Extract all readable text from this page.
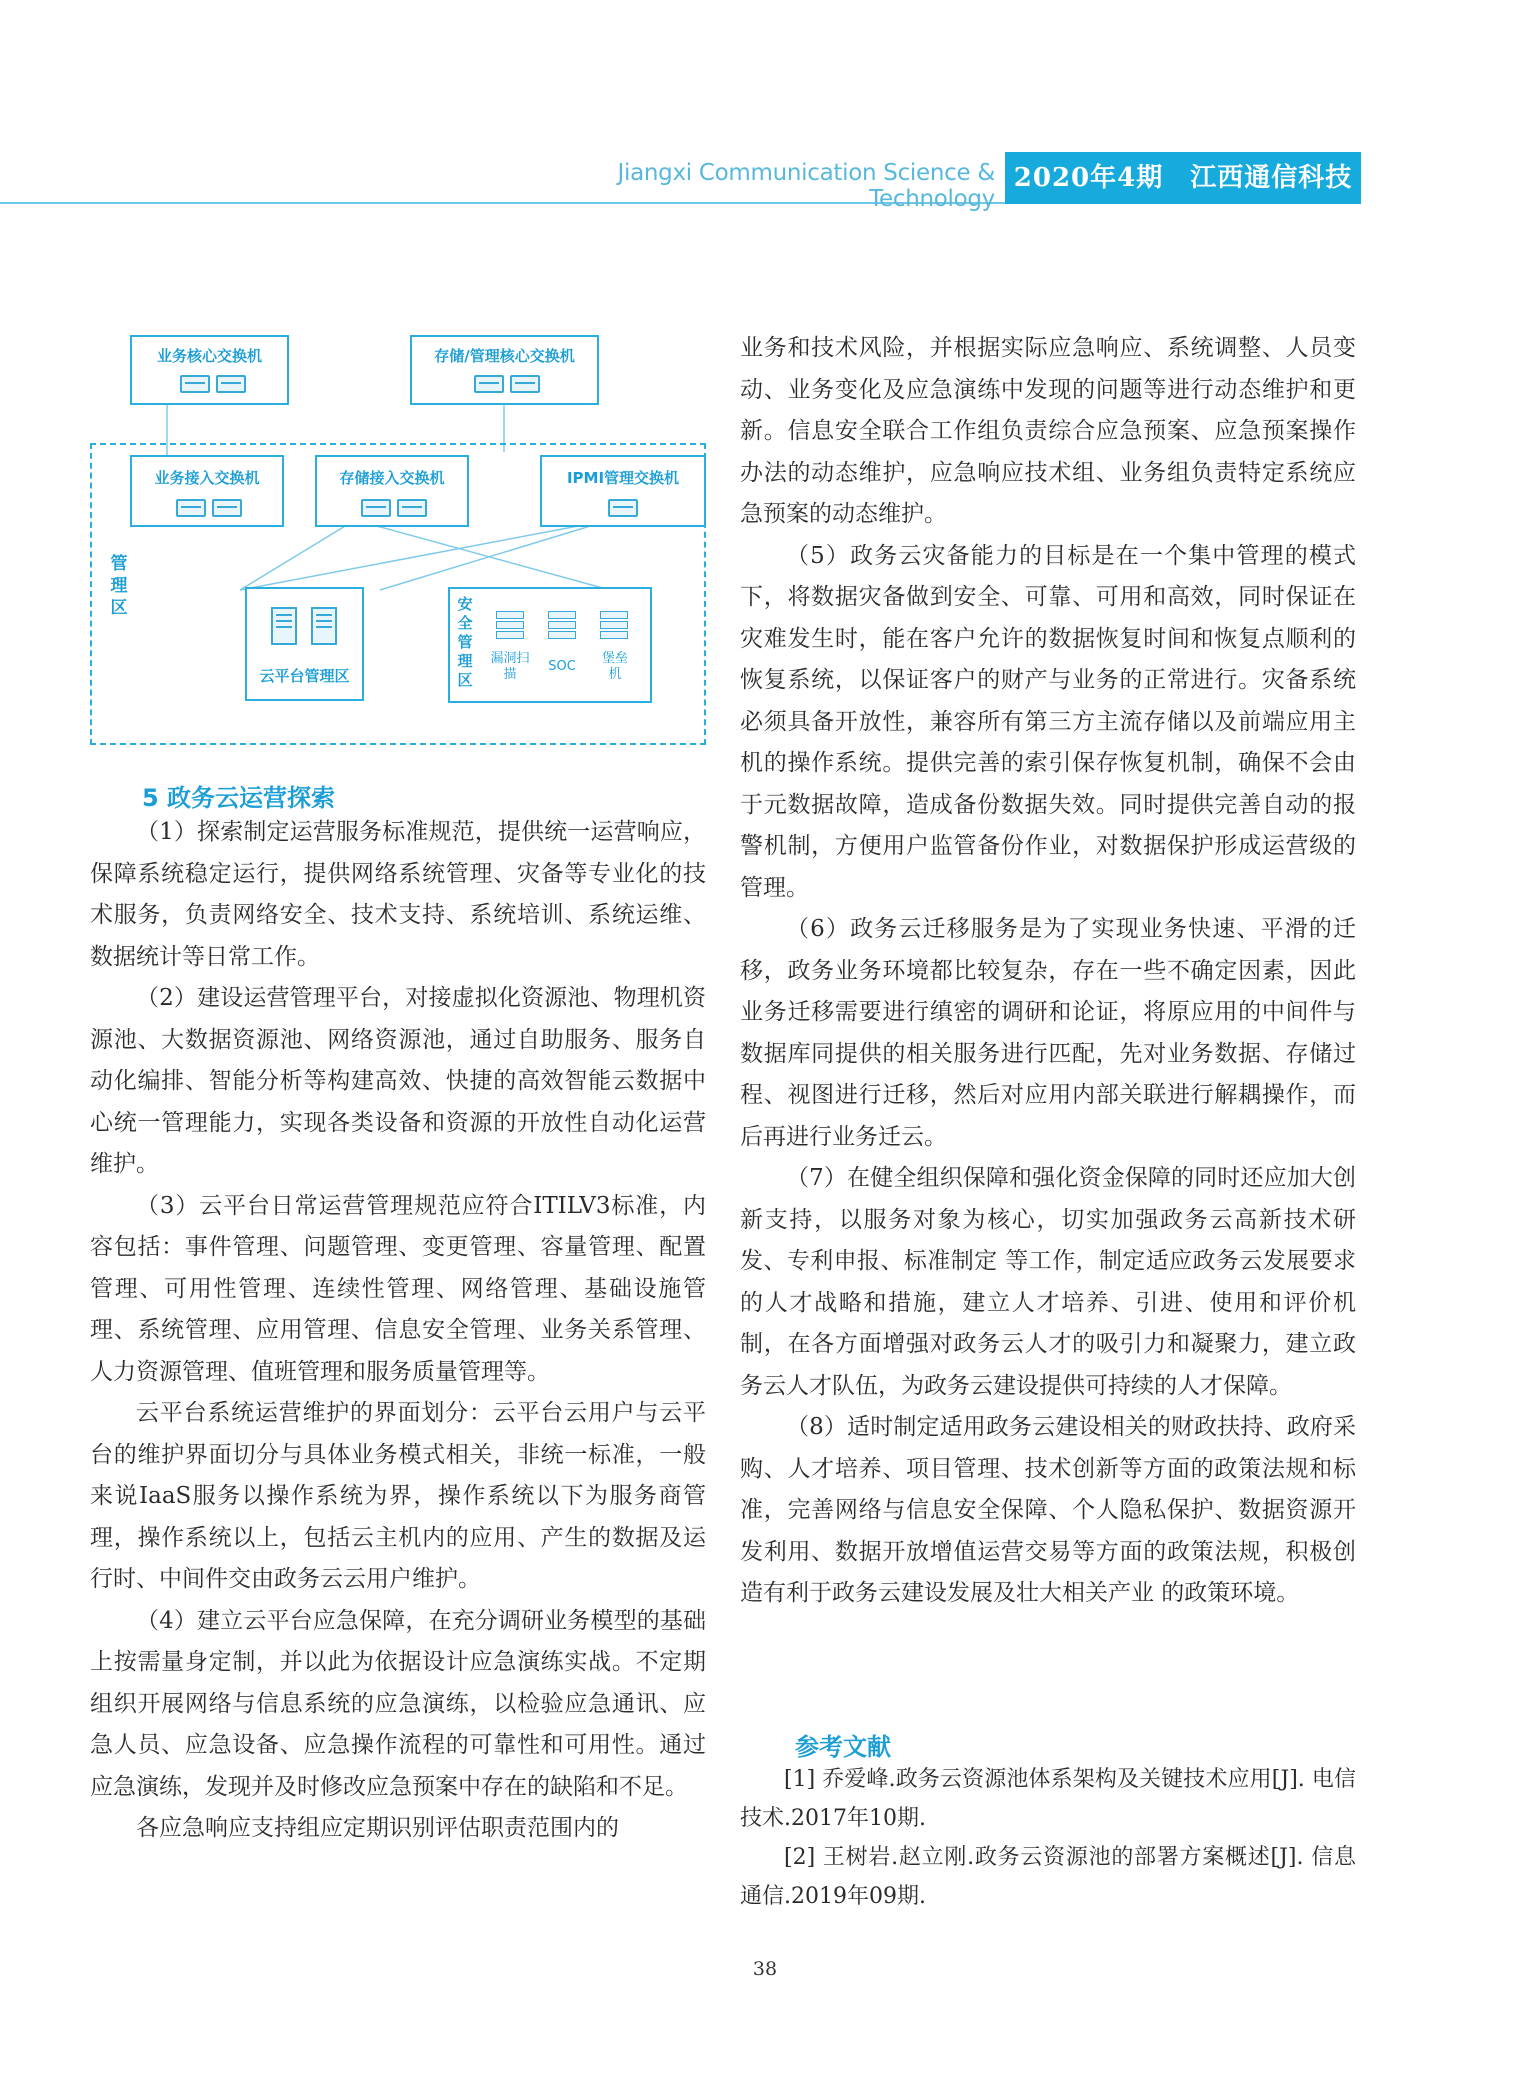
Jiangxi Communication Science & Technology
2020年4期　江西通信科技
业务核心交换机	存储/管理核心交换机
业务接入交换机	存储接入交换机	IPMI管理交换机
管理区
云平台管理区
安全管理区
漏洞扫描
SOC
堡垒机
5 政务云运营探索

（1）探索制定运营服务标准规范，提供统一运营响应，保障系统稳定运行，提供网络系统管理、灾备等专业化的技术服务，负责网络安全、技术支持、系统培训、系统运维、数据统计等日常工作。

（2）建设运营管理平台，对接虚拟化资源池、物理机资源池、大数据资源池、网络资源池，通过自助服务、服务自动化编排、智能分析等构建高效、快捷的高效智能云数据中心统一管理能力，实现各类设备和资源的开放性自动化运营维护。

（3）云平台日常运营管理规范应符合ITILV3标准，内容包括：事件管理、问题管理、变更管理、容量管理、配置管理、可用性管理、连续性管理、网络管理、基础设施管理、系统管理、应用管理、信息安全管理、业务关系管理、人力资源管理、值班管理和服务质量管理等。

云平台系统运营维护的界面划分：云平台云用户与云平台的维护界面切分与具体业务模式相关，非统一标准，一般来说IaaS服务以操作系统为界，操作系统以下为服务商管理，操作系统以上，包括云主机内的应用、产生的数据及运行时、中间件交由政务云云用户维护。

（4）建立云平台应急保障，在充分调研业务模型的基础上按需量身定制，并以此为依据设计应急演练实战。不定期组织开展网络与信息系统的应急演练，以检验应急通讯、应急人员、应急设备、应急操作流程的可靠性和可用性。通过应急演练，发现并及时修改应急预案中存在的缺陷和不足。

各应急响应支持组应定期识别评估职责范围内的

业务和技术风险，并根据实际应急响应、系统调整、人员变动、业务变化及应急演练中发现的问题等进行动态维护和更新。信息安全联合工作组负责综合应急预案、应急预案操作办法的动态维护，应急响应技术组、业务组负责特定系统应急预案的动态维护。

（5）政务云灾备能力的目标是在一个集中管理的模式下，将数据灾备做到安全、可靠、可用和高效，同时保证在灾难发生时，能在客户允许的数据恢复时间和恢复点顺利的恢复系统，以保证客户的财产与业务的正常进行。灾备系统必须具备开放性，兼容所有第三方主流存储以及前端应用主机的操作系统。提供完善的索引保存恢复机制，确保不会由于元数据故障，造成备份数据失效。同时提供完善自动的报警机制，方便用户监管备份作业，对数据保护形成运营级的管理。

（6）政务云迁移服务是为了实现业务快速、平滑的迁移，政务业务环境都比较复杂，存在一些不确定因素，因此业务迁移需要进行缜密的调研和论证，将原应用的中间件与数据库同提供的相关服务进行匹配，先对业务数据、存储过程、视图进行迁移，然后对应用内部关联进行解耦操作，而后再进行业务迁云。

（7）在健全组织保障和强化资金保障的同时还应加大创新支持，以服务对象为核心，切实加强政务云高新技术研发、专利申报、标准制定 等工作，制定适应政务云发展要求的人才战略和措施，建立人才培养、引进、使用和评价机制，在各方面增强对政务云人才的吸引力和凝聚力，建立政务云人才队伍，为政务云建设提供可持续的人才保障。

（8）适时制定适用政务云建设相关的财政扶持、政府采购、人才培养、项目管理、技术创新等方面的政策法规和标准，完善网络与信息安全保障、个人隐私保护、数据资源开发利用、数据开放增值运营交易等方面的政策法规，积极创造有利于政务云建设发展及壮大相关产业 的政策环境。

参考文献

[1] 乔爱峰.政务云资源池体系架构及关键技术应用[J]. 电信技术.2017年10期.

[2] 王树岩.赵立刚.政务云资源池的部署方案概述[J]. 信息通信.2019年09期.

38
